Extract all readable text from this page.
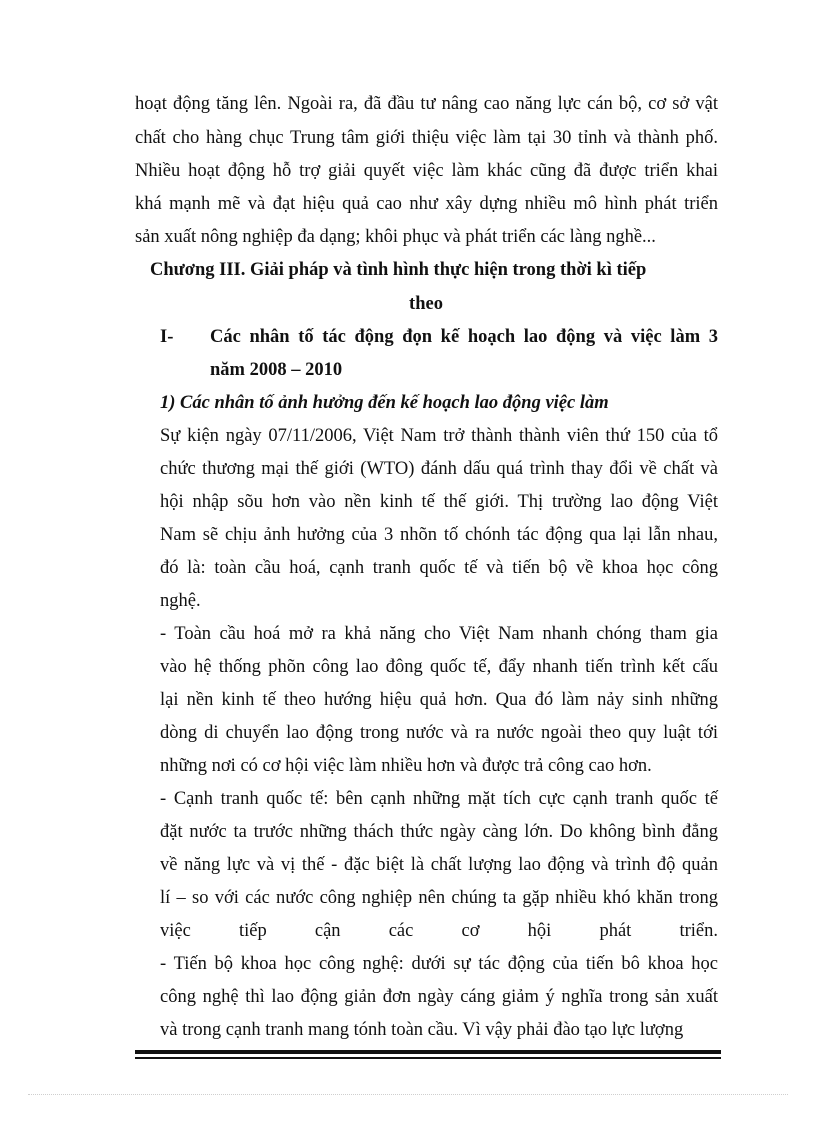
hoạt động tăng lên. Ngoài ra, đã đầu tư nâng cao năng lực cán bộ, cơ sở vật
chất cho hàng chục Trung tâm giới thiệu việc làm tại 30 tỉnh và thành phố.
Nhiều hoạt động hỗ trợ giải quyết việc làm khác cũng đã được triển khai
khá mạnh mẽ và đạt hiệu quả cao như xây dựng nhiều mô hình phát triển
sản xuất nông nghiệp đa dạng; khôi phục và phát triển các làng nghề...
Chương III. Giải pháp và tình hình thực hiện trong thời kì tiếp
theo
I- Các nhân tố tác động đọn kế hoạch lao động và việc làm 3
năm 2008 – 2010
1) Các nhân tố ảnh hưởng đến kế hoạch lao động việc làm
Sự kiện ngày 07/11/2006, Việt Nam trở thành thành viên thứ 150 của tổ
chức thương mại thế giới (WTO) đánh dấu quá trình thay đổi về chất và
hội nhập sõu hơn vào nền kinh tế thế giới. Thị trường lao động Việt
Nam sẽ chịu ảnh hưởng của 3 nhõn tố chónh tác động qua lại lẫn nhau,
đó là: toàn cầu hoá, cạnh tranh quốc tế và tiến bộ về khoa học công
nghệ.
- Toàn cầu hoá mở ra khả năng cho Việt Nam nhanh chóng tham gia
vào hệ thống phõn công lao đông quốc tế, đẩy nhanh tiến trình kết cấu
lại nền kinh tế theo hướng hiệu quả hơn. Qua đó làm nảy sinh những
dòng di chuyển lao động trong nước và ra nước ngoài theo quy luật tới
những nơi có cơ hội việc làm nhiều hơn và được trả công cao hơn.
- Cạnh tranh quốc tế: bên cạnh những mặt tích cực cạnh tranh quốc tế
đặt nước ta trước những thách thức ngày càng lớn. Do không bình đẳng
về năng lực và vị thế - đặc biệt là chất lượng lao động và trình độ quản
lí – so với các nước công nghiệp nên chúng ta gặp nhiều khó khăn trong
việc tiếp cận các cơ hội phát triển.
- Tiến bộ khoa học công nghệ: dưới sự tác động của tiến bô khoa học
công nghệ thì lao động giản đơn ngày cáng giảm ý nghĩa trong sản xuất
và trong cạnh tranh mang tónh toàn cầu. Vì vậy phải đào tạo lực lượng
